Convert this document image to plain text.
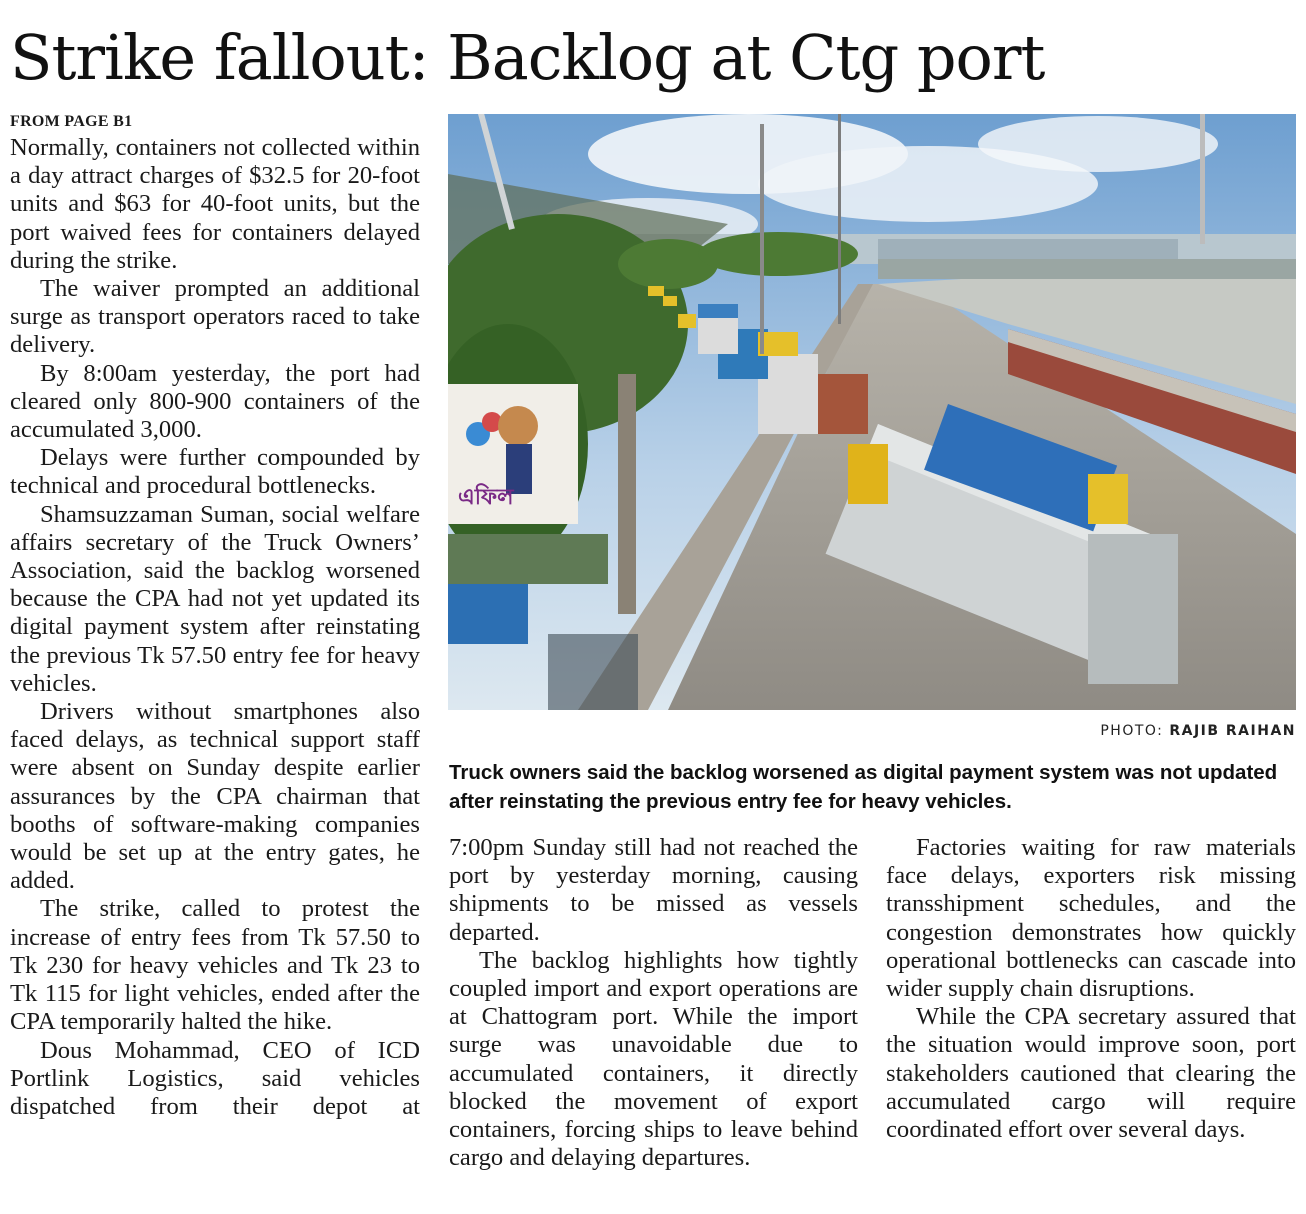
Strike fallout: Backlog at Ctg port
FROM PAGE B1

Normally, containers not collected within a day attract charges of $32.5 for 20-foot units and $63 for 40-foot units, but the port waived fees for containers delayed during the strike.

The waiver prompted an additional surge as transport operators raced to take delivery.

By 8:00am yesterday, the port had cleared only 800-900 containers of the accumulated 3,000.

Delays were further compounded by technical and procedural bottlenecks.

Shamsuzzaman Suman, social welfare affairs secretary of the Truck Owners’ Association, said the backlog worsened because the CPA had not yet updated its digital payment system after reinstating the previous Tk 57.50 entry fee for heavy vehicles.

Drivers without smartphones also faced delays, as technical support staff were absent on Sunday despite earlier assurances by the CPA chairman that booths of software-making companies would be set up at the entry gates, he added.

The strike, called to protest the increase of entry fees from Tk 57.50 to Tk 230 for heavy vehicles and Tk 23 to Tk 115 for light vehicles, ended after the CPA temporarily halted the hike.

Dous Mohammad, CEO of ICD Portlink Logistics, said vehicles dispatched from their depot at

এফিল
PHOTO: RAJIB RAIHAN
Truck owners said the backlog worsened as digital payment system was not updated after reinstating the previous entry fee for heavy vehicles.

7:00pm Sunday still had not reached the port by yesterday morning, causing shipments to be missed as vessels departed.

The backlog highlights how tightly coupled import and export operations are at Chattogram port. While the import surge was unavoidable due to accumulated containers, it directly blocked the movement of export containers, forcing ships to leave behind cargo and delaying departures.

Factories waiting for raw materials face delays, exporters risk missing transshipment schedules, and the congestion demonstrates how quickly operational bottlenecks can cascade into wider supply chain disruptions.

While the CPA secretary assured that the situation would improve soon, port stakeholders cautioned that clearing the accumulated cargo will require coordinated effort over several days.
